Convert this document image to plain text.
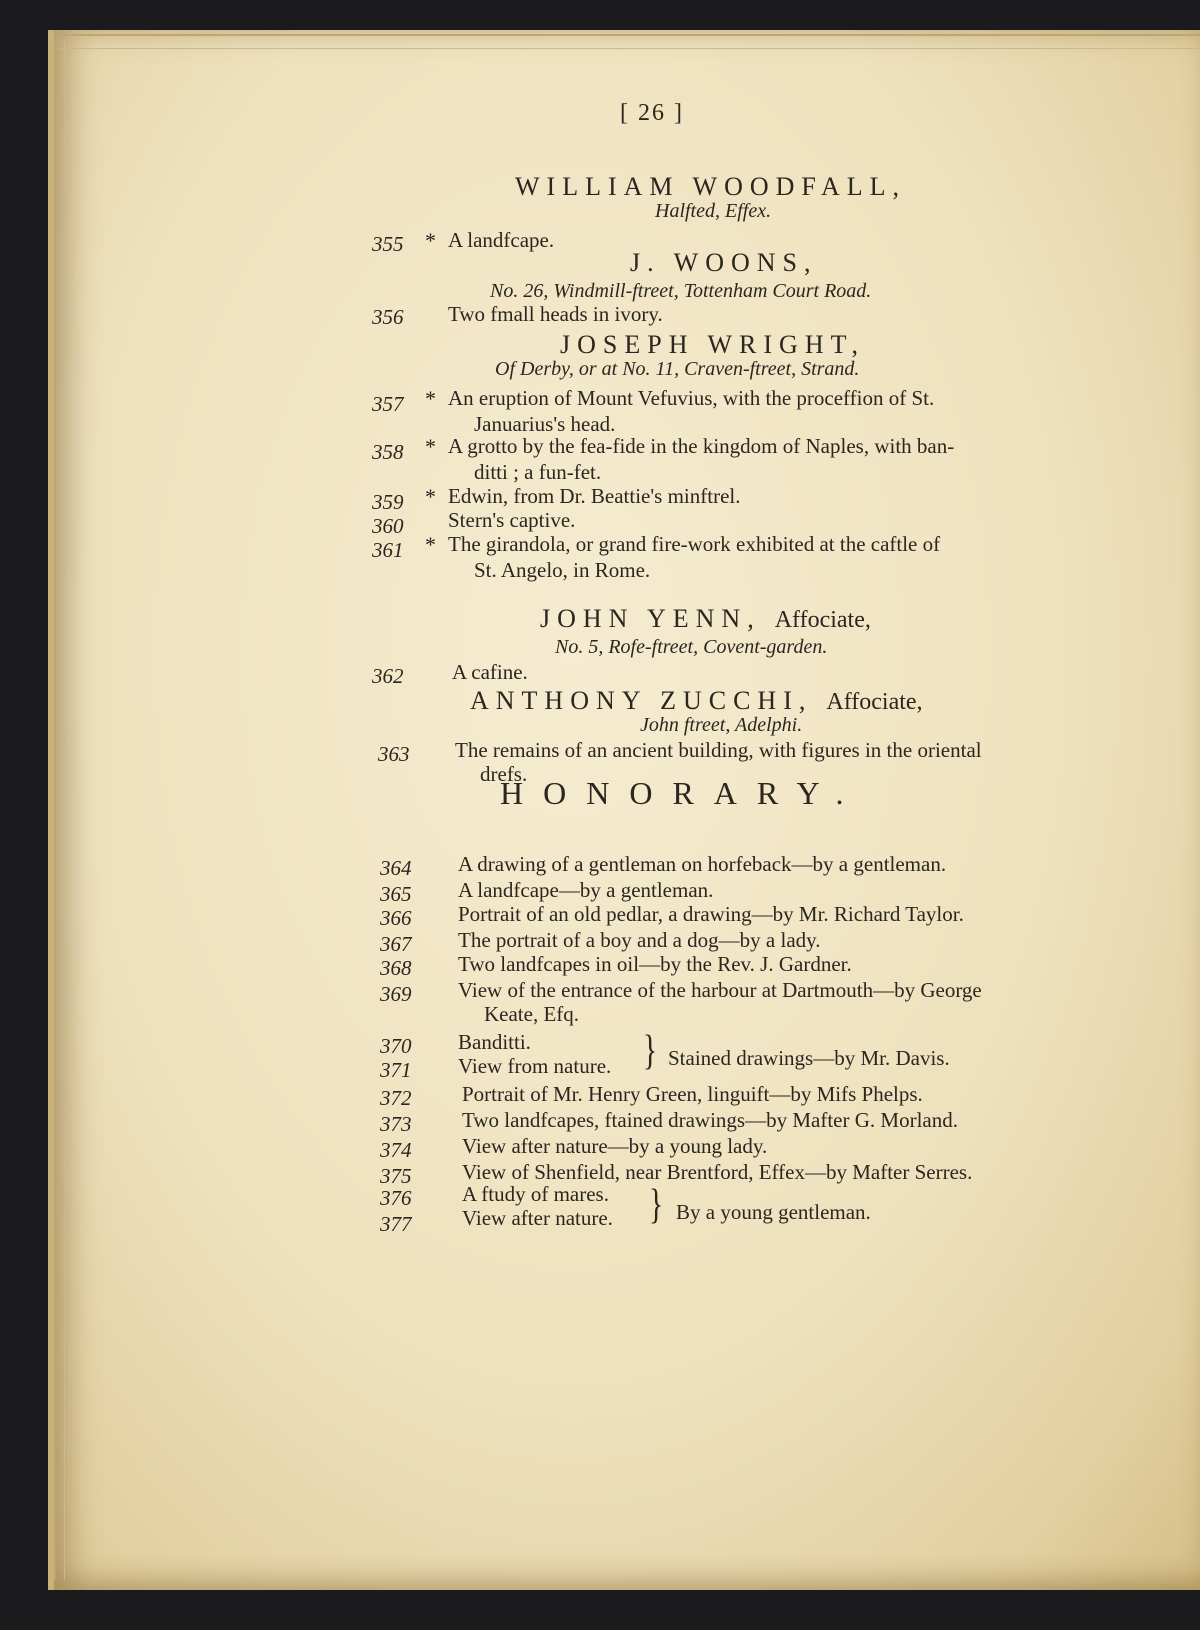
[ 26 ]
WILLIAM WOODFALL,
Halfted, Effex.
355 * A landfcape.
J. WOONS,
No. 26, Windmill-ftreet, Tottenham Court Road.
356 Two fmall heads in ivory.
JOSEPH WRIGHT,
Of Derby, or at No. 11, Craven-ftreet, Strand.
357 * An eruption of Mount Vefuvius, with the proceffion of St.
Januarius's head.
358 * A grotto by the fea-fide in the kingdom of Naples, with ban-
ditti ; a fun-fet.
359 * Edwin, from Dr. Beattie's minftrel.
360 Stern's captive.
361 * The girandola, or grand fire-work exhibited at the caftle of
St. Angelo, in Rome.
JOHN YENN, Affociate,
No. 5, Rofe-ftreet, Covent-garden.
362 A cafine.
ANTHONY ZUCCHI, Affociate,
John ftreet, Adelphi.
363 The remains of an ancient building, with figures in the oriental
drefs.
HONORARY.
364 A drawing of a gentleman on horfeback—by a gentleman.
365 A landfcape—by a gentleman.
366 Portrait of an old pedlar, a drawing—by Mr. Richard Taylor.
367 The portrait of a boy and a dog—by a lady.
368 Two landfcapes in oil—by the Rev. J. Gardner.
369 View of the entrance of the harbour at Dartmouth—by George
Keate, Efq.
370 Banditti.
371 View from nature. } Stained drawings—by Mr. Davis.
372 Portrait of Mr. Henry Green, linguift—by Mifs Phelps.
373 Two landfcapes, ftained drawings—by Mafter G. Morland.
374 View after nature—by a young lady.
375 View of Shenfield, near Brentford, Effex—by Mafter Serres.
376 A ftudy of mares.
377 View after nature. } By a young gentleman.
